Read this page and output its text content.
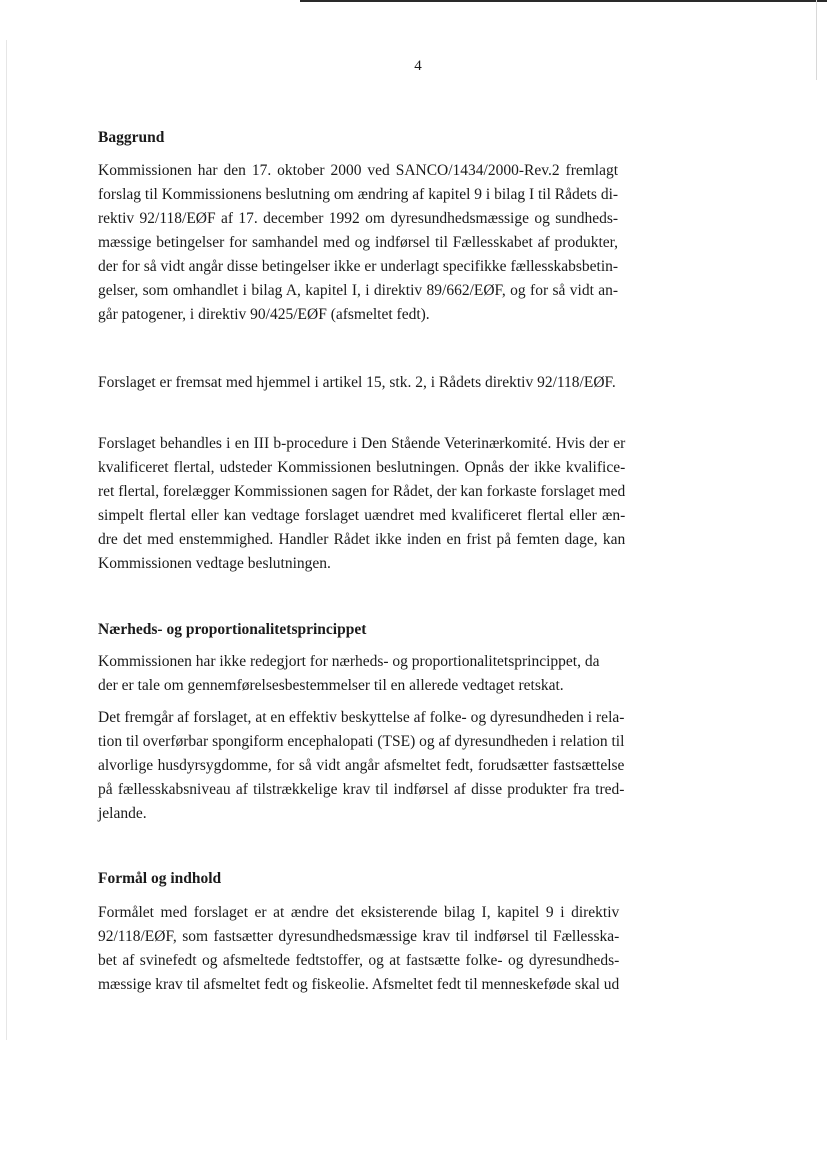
4
Baggrund

Kommissionen har den 17. oktober 2000 ved SANCO/1434/2000-Rev.2 fremlagt
forslag til Kommissionens beslutning om ændring af kapitel 9 i bilag I til Rådets di-
rektiv 92/118/EØF af 17. december 1992 om dyresundhedsmæssige og sundheds-
mæssige betingelser for samhandel med og indførsel til Fællesskabet af produkter,
der for så vidt angår disse betingelser ikke er underlagt specifikke fællesskabsbetin-
gelser, som omhandlet i bilag A, kapitel I, i direktiv 89/662/EØF, og for så vidt an-
går patogener, i direktiv 90/425/EØF (afsmeltet fedt).

Forslaget er fremsat med hjemmel i artikel 15, stk. 2, i Rådets direktiv 92/118/EØF.

Forslaget behandles i en III b-procedure i Den Stående Veterinærkomité. Hvis der er
kvalificeret flertal, udsteder Kommissionen beslutningen. Opnås der ikke kvalifice-
ret flertal, forelægger Kommissionen sagen for Rådet, der kan forkaste forslaget med
simpelt flertal eller kan vedtage forslaget uændret med kvalificeret flertal eller æn-
dre det med enstemmighed. Handler Rådet ikke inden en frist på femten dage, kan
Kommissionen vedtage beslutningen.

Nærheds- og proportionalitetsprincippet

Kommissionen har ikke redegjort for nærheds- og proportionalitetsprincippet, da
der er tale om gennemførelsesbestemmelser til en allerede vedtaget retskat.

Det fremgår af forslaget, at en effektiv beskyttelse af folke- og dyresundheden i rela-
tion til overførbar spongiform encephalopati (TSE) og af dyresundheden i relation til
alvorlige husdyrsygdomme, for så vidt angår afsmeltet fedt, forudsætter fastsættelse
på fællesskabsniveau af tilstrækkelige krav til indførsel af disse produkter fra tred-
jelande.

Formål og indhold

Formålet med forslaget er at ændre det eksisterende bilag I, kapitel 9 i direktiv
92/118/EØF, som fastsætter dyresundhedsmæssige krav til indførsel til Fællesska-
bet af svinefedt og afsmeltede fedtstoffer, og at fastsætte folke- og dyresundheds-
mæssige krav til afsmeltet fedt og fiskeolie. Afsmeltet fedt til menneskeføde skal ud
